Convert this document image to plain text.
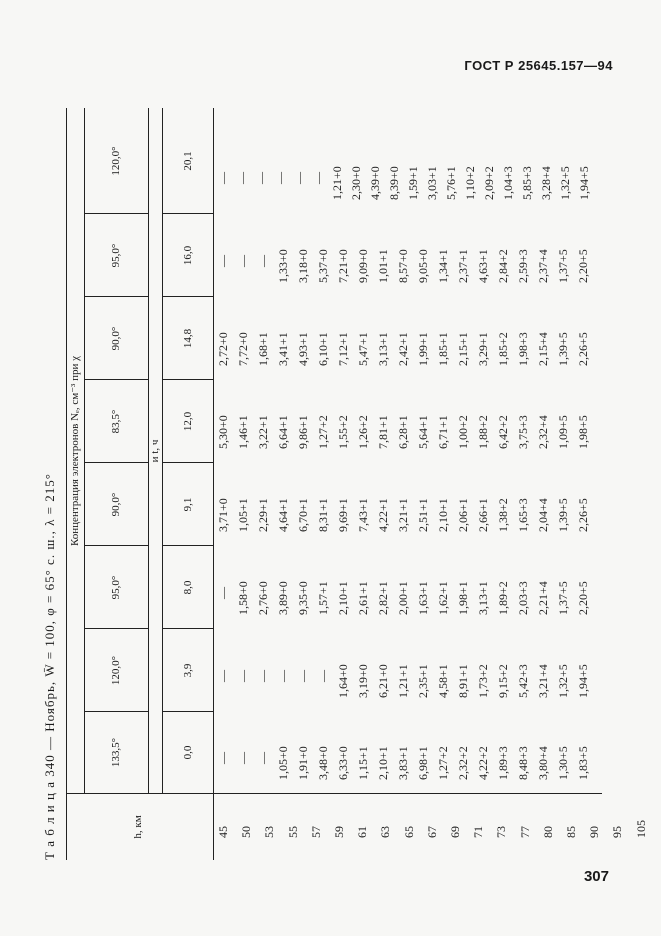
ГОСТ Р 25645.157—94
307
Т а б л и ц а 340 — Ноябрь, W̄ = 100, φ = 65° с. ш., λ = 215°	h, км
Концентрация электронов Nₑ, см⁻³ при χ	и t, ч
133,5°
120,0°
95,0°
90,0°
83,5°
90,0°
95,0°
120,0°
0,0
3,9
8,0
9,1
12,0
14,8
16,0
20,1
45 50 53 55 57 59 61 63 65 67 69 71 73 77 80 85 90 95 105
— — — 1,05+0 1,91+0 3,48+0 6,33+0 1,15+1 2,10+1 3,83+1 6,98+1 1,27+2 2,32+2 4,22+2 1,89+3 8,48+3 3,80+4 1,30+5 1,83+5
— — — — — — 1,64+0 3,19+0 6,21+0 1,21+1 2,35+1 4,58+1 8,91+1 1,73+2 9,15+2 5,42+3 3,21+4 1,32+5 1,94+5
— 1,58+0 2,76+0 3,89+0 9,35+0 1,57+1 2,10+1 2,61+1 2,82+1 2,00+1 1,63+1 1,62+1 1,98+1 3,13+1 1,89+2 2,03+3 2,21+4 1,37+5 2,20+5
3,71+0 1,05+1 2,29+1 4,64+1 6,70+1 8,31+1 9,69+1 7,43+1 4,22+1 3,21+1 2,51+1 2,10+1 2,06+1 2,66+1 1,38+2 1,65+3 2,04+4 1,39+5 2,26+5
5,30+0 1,46+1 3,22+1 6,64+1 9,86+1 1,27+2 1,55+2 1,26+2 7,81+1 6,28+1 5,64+1 6,71+1 1,00+2 1,88+2 6,42+2 3,75+3 2,32+4 1,09+5 1,98+5
2,72+0 7,72+0 1,68+1 3,41+1 4,93+1 6,10+1 7,12+1 5,47+1 3,13+1 2,42+1 1,99+1 1,85+1 2,15+1 3,29+1 1,85+2 1,98+3 2,15+4 1,39+5 2,26+5
— — — 1,33+0 3,18+0 5,37+0 7,21+0 9,09+0 1,01+1 8,57+0 9,05+0 1,34+1 2,37+1 4,63+1 2,84+2 2,59+3 2,37+4 1,37+5 2,20+5
— — — — — — 1,21+0 2,30+0 4,39+0 8,39+0 1,59+1 3,03+1 5,76+1 1,10+2 2,09+2 1,04+3 5,85+3 3,28+4 1,32+5 1,94+5
